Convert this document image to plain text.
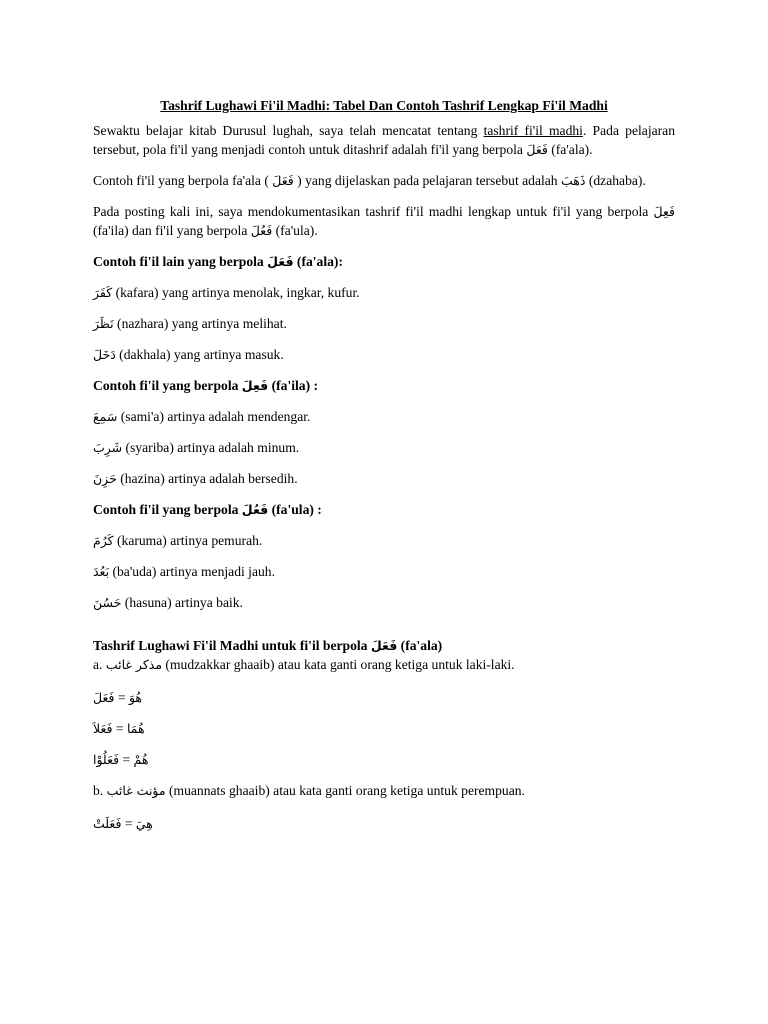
Tashrif Lughawi Fi'il Madhi: Tabel Dan Contoh Tashrif Lengkap Fi'il Madhi

Sewaktu belajar kitab Durusul lughah, saya telah mencatat tentang tashrif fi'il madhi. Pada pelajaran tersebut, pola fi'il yang menjadi contoh untuk ditashrif adalah fi'il yang berpola فَعَلَ (fa'ala).

Contoh fi'il yang berpola fa'ala ( فَعَلَ ) yang dijelaskan pada pelajaran tersebut adalah ذَهَبَ (dzahaba).

Pada posting kali ini, saya mendokumentasikan tashrif fi'il madhi lengkap untuk fi'il yang berpola فَعِلَ (fa'ila) dan fi'il yang berpola فَعُلَ (fa'ula).

Contoh fi'il lain yang berpola فَعَلَ (fa'ala):

كَفَرَ (kafara) yang artinya menolak, ingkar, kufur.

نَظَرَ (nazhara) yang artinya melihat.

دَخَلَ (dakhala) yang artinya masuk.

Contoh fi'il yang berpola فَعِلَ (fa'ila) :

سَمِعَ (sami'a) artinya adalah mendengar.

شَرِبَ (syariba) artinya adalah minum.

حَزِنَ (hazina) artinya adalah bersedih.

Contoh fi'il yang berpola فَعُلَ (fa'ula) :

كَرُمَ (karuma) artinya pemurah.

بَعُدَ (ba'uda) artinya menjadi jauh.

حَسُنَ (hasuna) artinya baik.

Tashrif Lughawi Fi'il Madhi untuk fi'il berpola فَعَلَ (fa'ala)

a. مذكر غائب (mudzakkar ghaaib) atau kata ganti orang ketiga untuk laki-laki.

فَعَلَ = هُوَ

فَعَلاَ = هُمَا

فَعَلُوْا = هُمْ

b. مؤنث غائب (muannats ghaaib) atau kata ganti orang ketiga untuk perempuan.

فَعَلَتْ = هِيَ
